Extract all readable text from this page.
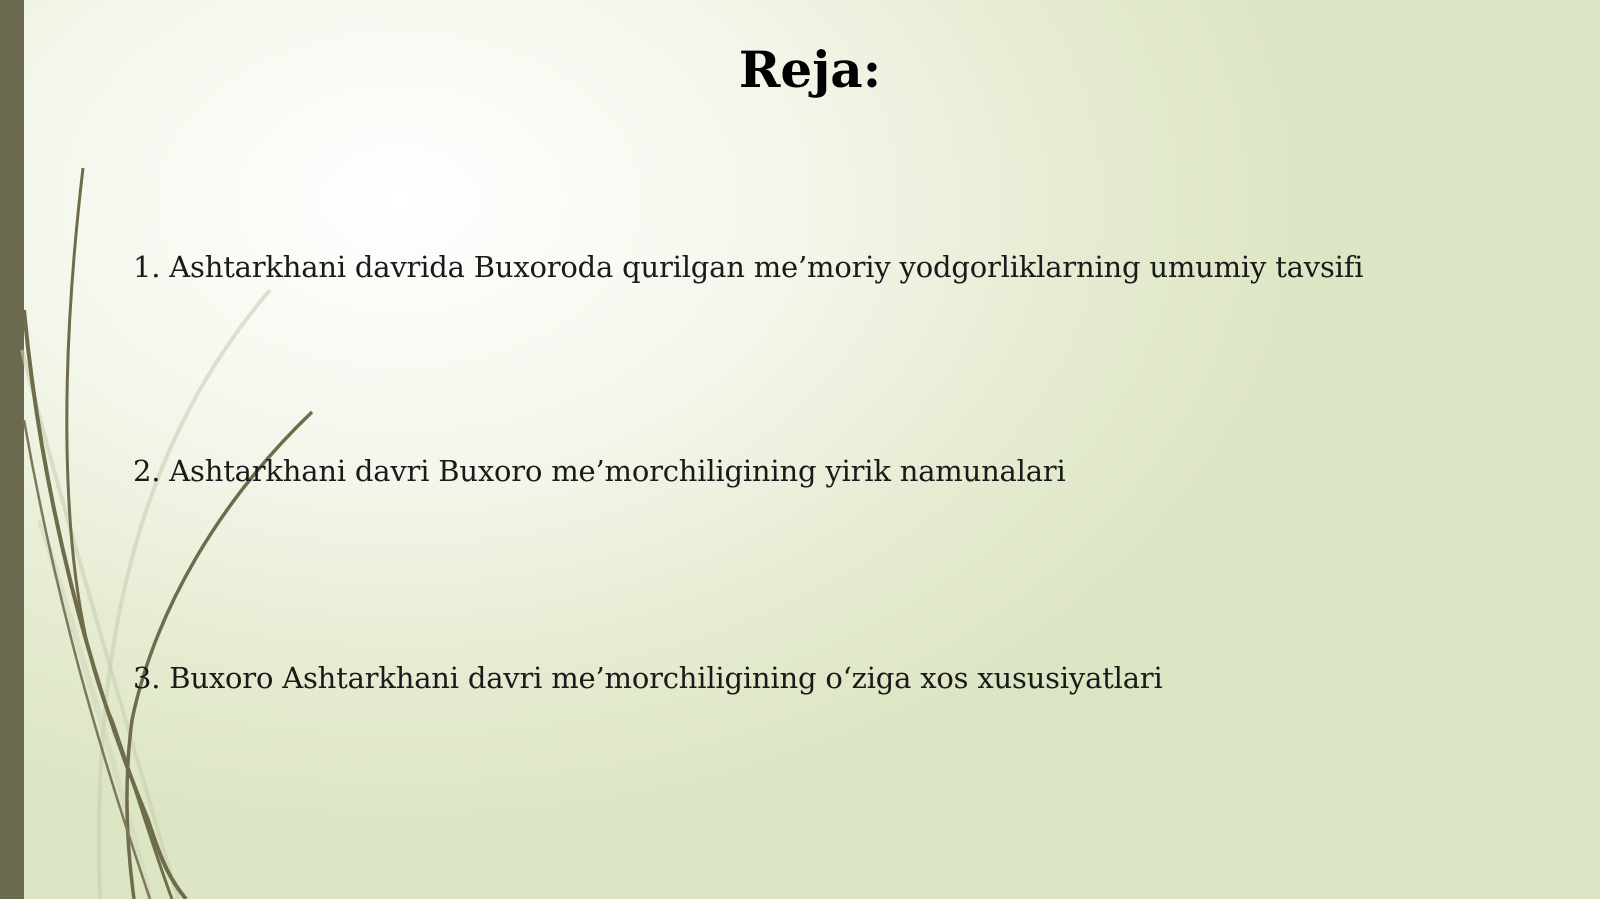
Reja:
1. Ashtarkhani davrida Buxoroda qurilgan me’moriy yodgorliklarning umumiy tavsifi
2. Ashtarkhani davri Buxoro me’morchiligining yirik namunalari
3. Buxoro Ashtarkhani davri me’morchiligining o‘ziga xos xususiyatlari
